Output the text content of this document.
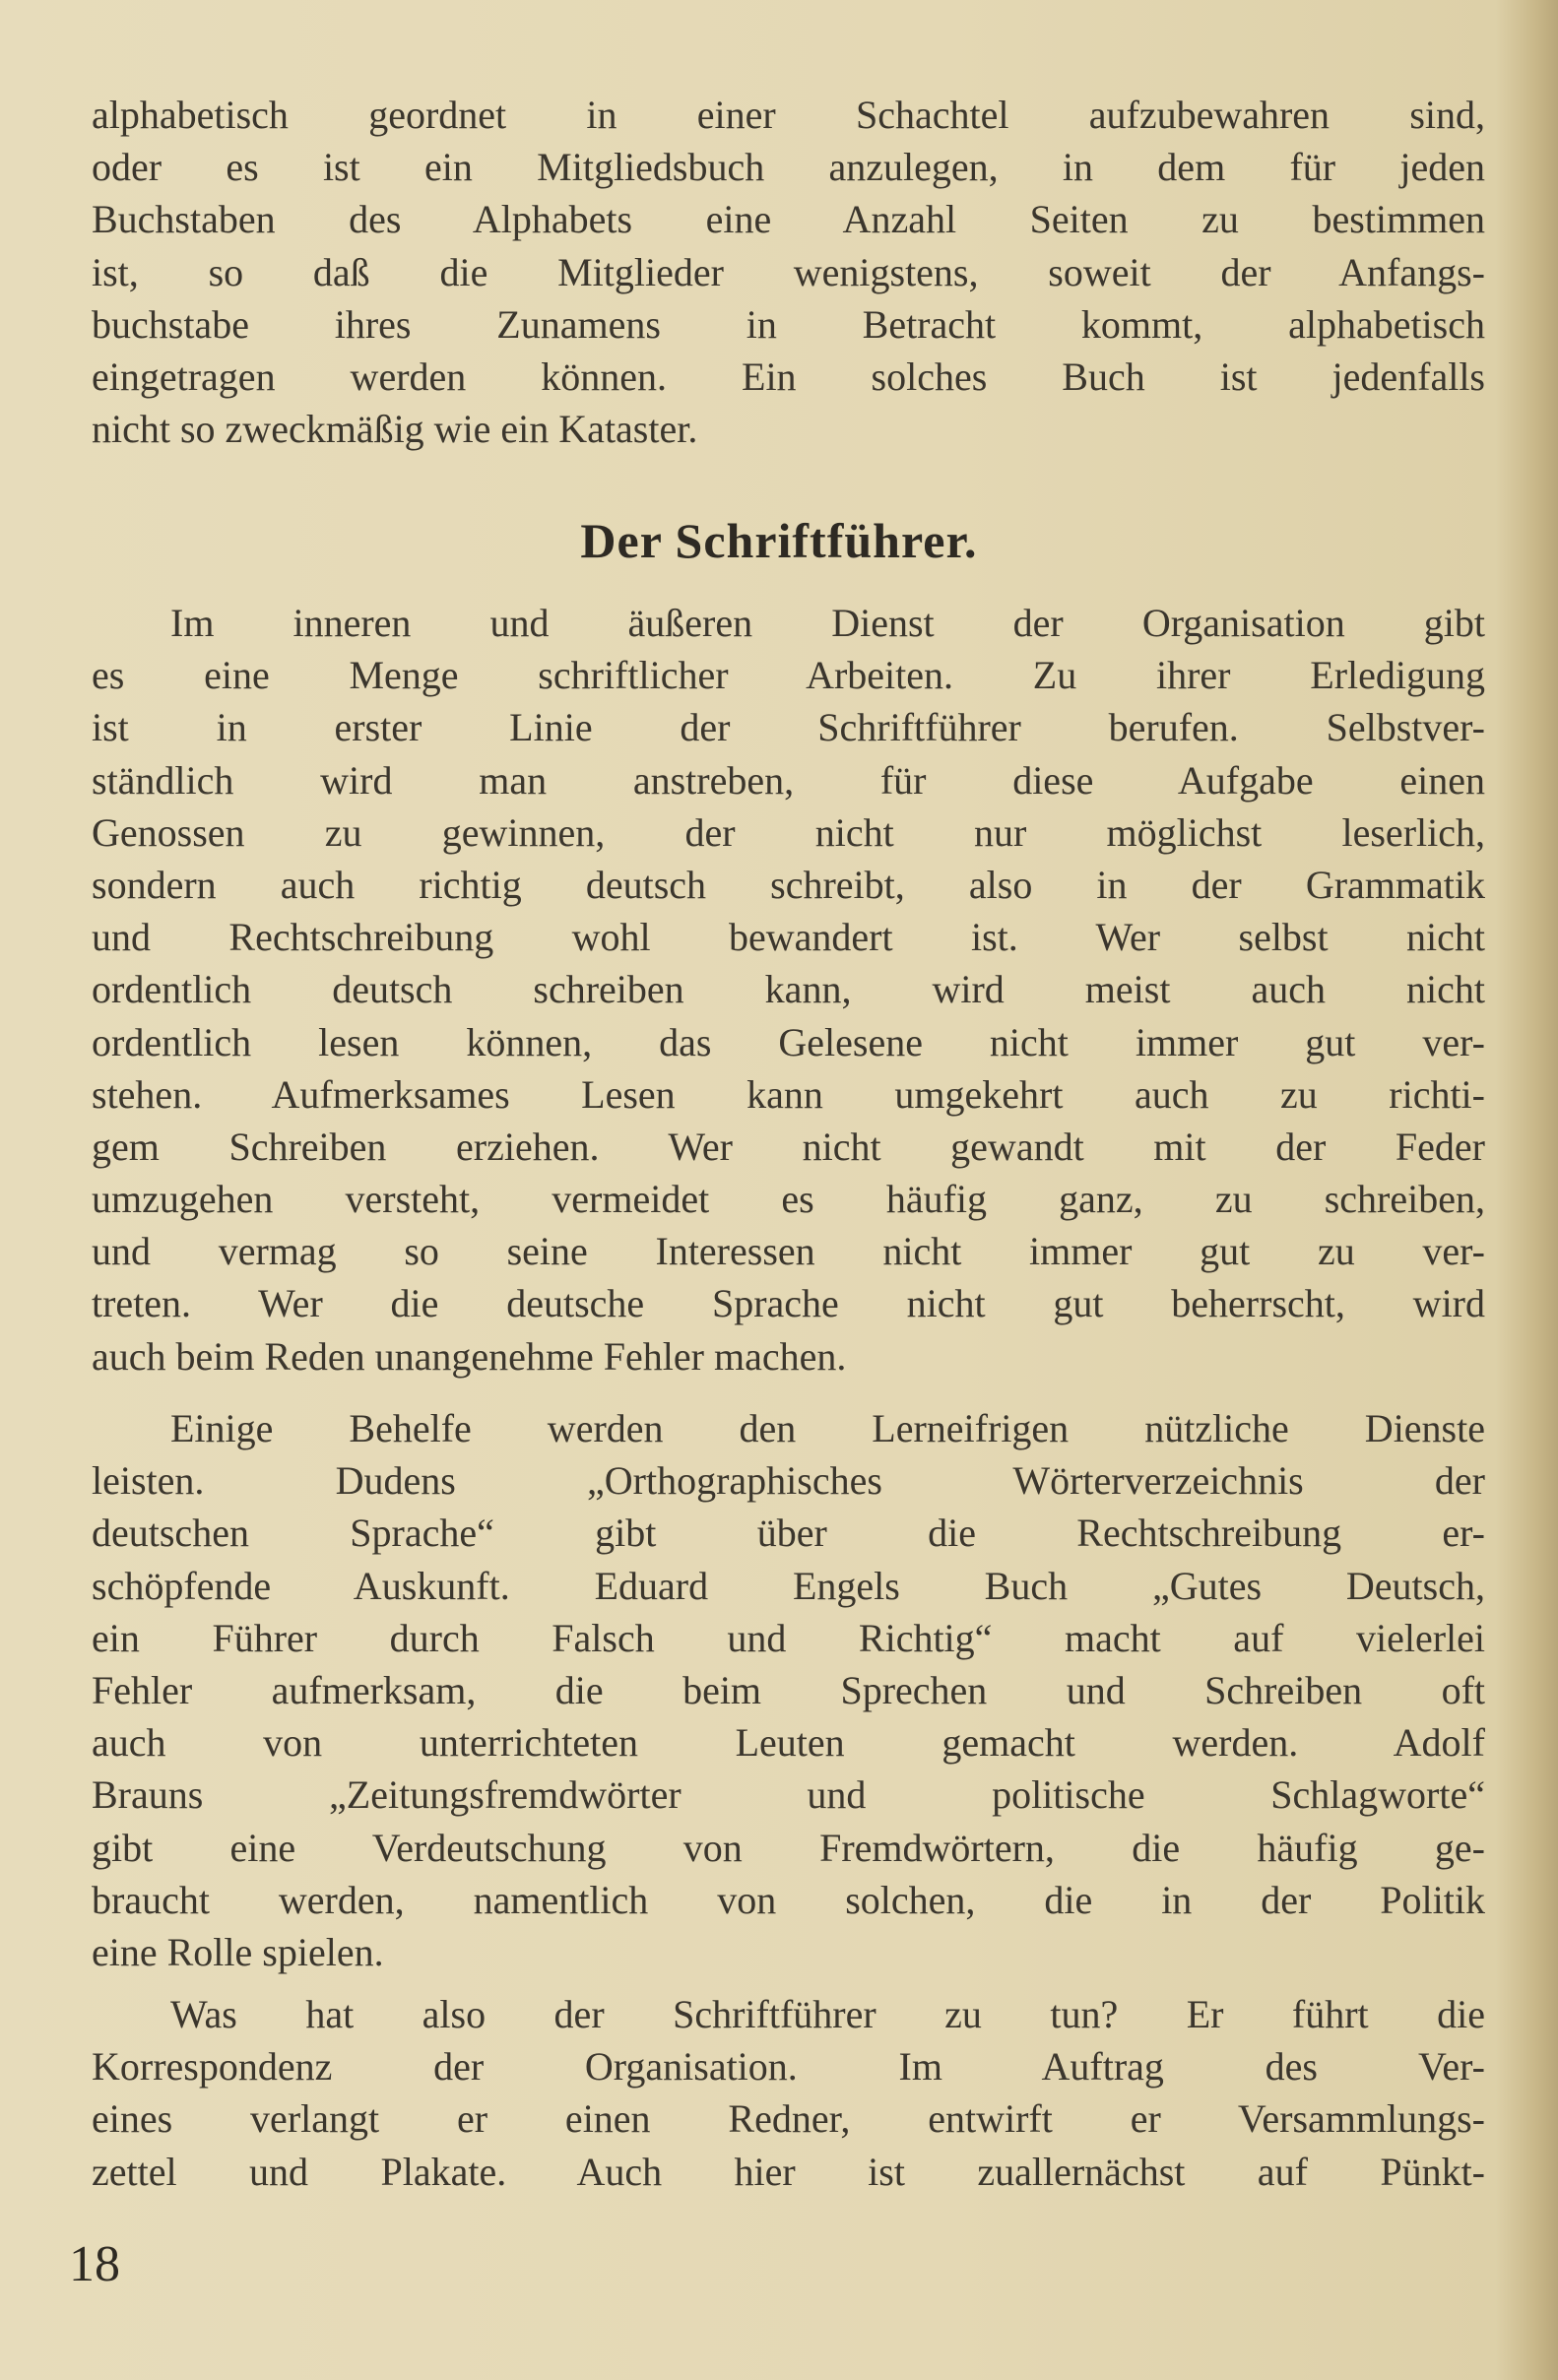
alphabetisch geordnet in einer Schachtel aufzubewahren sind,
oder es ist ein Mitgliedsbuch anzulegen, in dem für jeden
Buchstaben des Alphabets eine Anzahl Seiten zu bestimmen
ist, so daß die Mitglieder wenigstens, soweit der Anfangs-
buchstabe ihres Zunamens in Betracht kommt, alphabetisch
eingetragen werden können. Ein solches Buch ist jedenfalls
nicht so zweckmäßig wie ein Kataster.
Der Schriftführer.
Im inneren und äußeren Dienst der Organisation gibt
es eine Menge schriftlicher Arbeiten. Zu ihrer Erledigung
ist in erster Linie der Schriftführer berufen. Selbstver-
ständlich wird man anstreben, für diese Aufgabe einen
Genossen zu gewinnen, der nicht nur möglichst leserlich,
sondern auch richtig deutsch schreibt, also in der Grammatik
und Rechtschreibung wohl bewandert ist. Wer selbst nicht
ordentlich deutsch schreiben kann, wird meist auch nicht
ordentlich lesen können, das Gelesene nicht immer gut ver-
stehen. Aufmerksames Lesen kann umgekehrt auch zu richti-
gem Schreiben erziehen. Wer nicht gewandt mit der Feder
umzugehen versteht, vermeidet es häufig ganz, zu schreiben,
und vermag so seine Interessen nicht immer gut zu ver-
treten. Wer die deutsche Sprache nicht gut beherrscht, wird
auch beim Reden unangenehme Fehler machen.
Einige Behelfe werden den Lerneifrigen nützliche Dienste
leisten. Dudens „Orthographisches Wörterverzeichnis der
deutschen Sprache“ gibt über die Rechtschreibung er-
schöpfende Auskunft. Eduard Engels Buch „Gutes Deutsch,
ein Führer durch Falsch und Richtig“ macht auf vielerlei
Fehler aufmerksam, die beim Sprechen und Schreiben oft
auch von unterrichteten Leuten gemacht werden. Adolf
Brauns „Zeitungsfremdwörter und politische Schlagworte“
gibt eine Verdeutschung von Fremdwörtern, die häufig ge-
braucht werden, namentlich von solchen, die in der Politik
eine Rolle spielen.
Was hat also der Schriftführer zu tun? Er führt die
Korrespondenz der Organisation. Im Auftrag des Ver-
eines verlangt er einen Redner, entwirft er Versammlungs-
zettel und Plakate. Auch hier ist zuallernächst auf Pünkt-
18
